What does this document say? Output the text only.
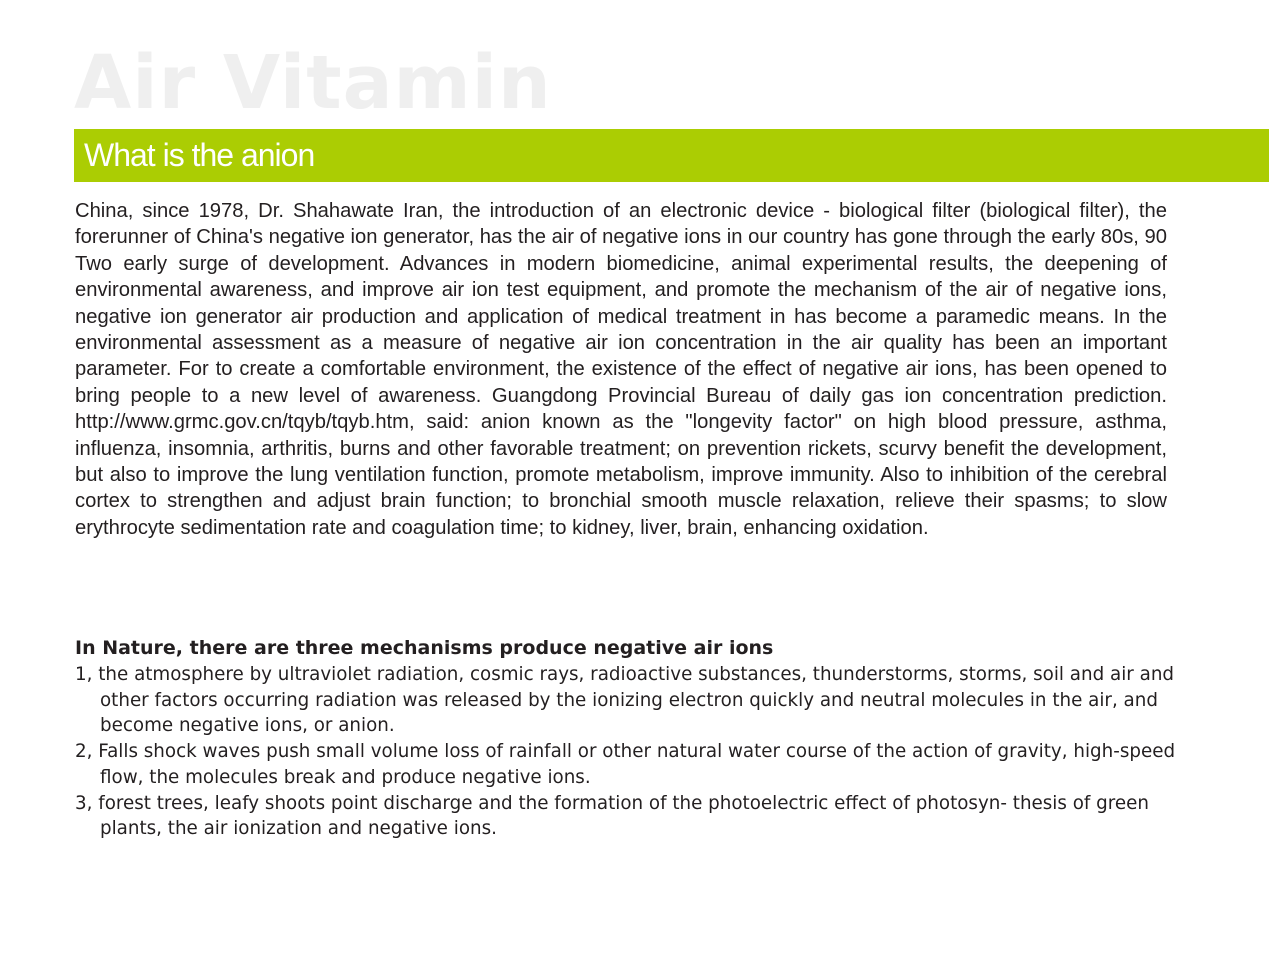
Air Vitamin
What is the anion

China, since 1978, Dr. Shahawate Iran, the introduction of an electronic device - biological filter (biological filter), the forerunner of China's negative ion generator, has the air of negative ions in our country has gone through the early 80s, 90 Two early surge of development. Advances in modern biomedicine, animal experimental results, the deepening of environmental awareness, and improve air ion test equipment, and promote the mechanism of the air of negative ions, negative ion generator air production and application of medical treatment in has become a paramedic means. In the environmental assessment as a measure of negative air ion concentration in the air quality has been an important parameter. For to create a comfortable environment, the existence of the effect of negative air ions, has been opened to bring people to a new level of awareness. Guangdong Provincial Bureau of daily gas ion concentration prediction. http://www.grmc.gov.cn/tqyb/tqyb.htm, said: anion known as the "longevity factor" on high blood pressure, asthma, influenza, insomnia, arthritis, burns and other favorable treatment; on prevention rickets, scurvy benefit the development, but also to improve the lung ventilation function, promote metabolism, improve immunity. Also to inhibition of the cerebral cortex to strengthen and adjust brain function; to bronchial smooth muscle relaxation, relieve their spasms; to slow erythrocyte sedimentation rate and coagulation time; to kidney, liver, brain, enhancing oxidation.

In Nature, there are three mechanisms produce negative air ions
1, the atmosphere by ultraviolet radiation, cosmic rays, radioactive substances, thunderstorms, storms, soil and air and other factors occurring radiation was released by the ionizing electron quickly and neutral molecules in the air, and become negative ions, or anion.
2, Falls shock waves push small volume loss of rainfall or other natural water course of the action of gravity, high-speed flow, the molecules break and produce negative ions.
3, forest trees, leafy shoots point discharge and the formation of the photoelectric effect of photosyn- thesis of green plants, the air ionization and negative ions.
